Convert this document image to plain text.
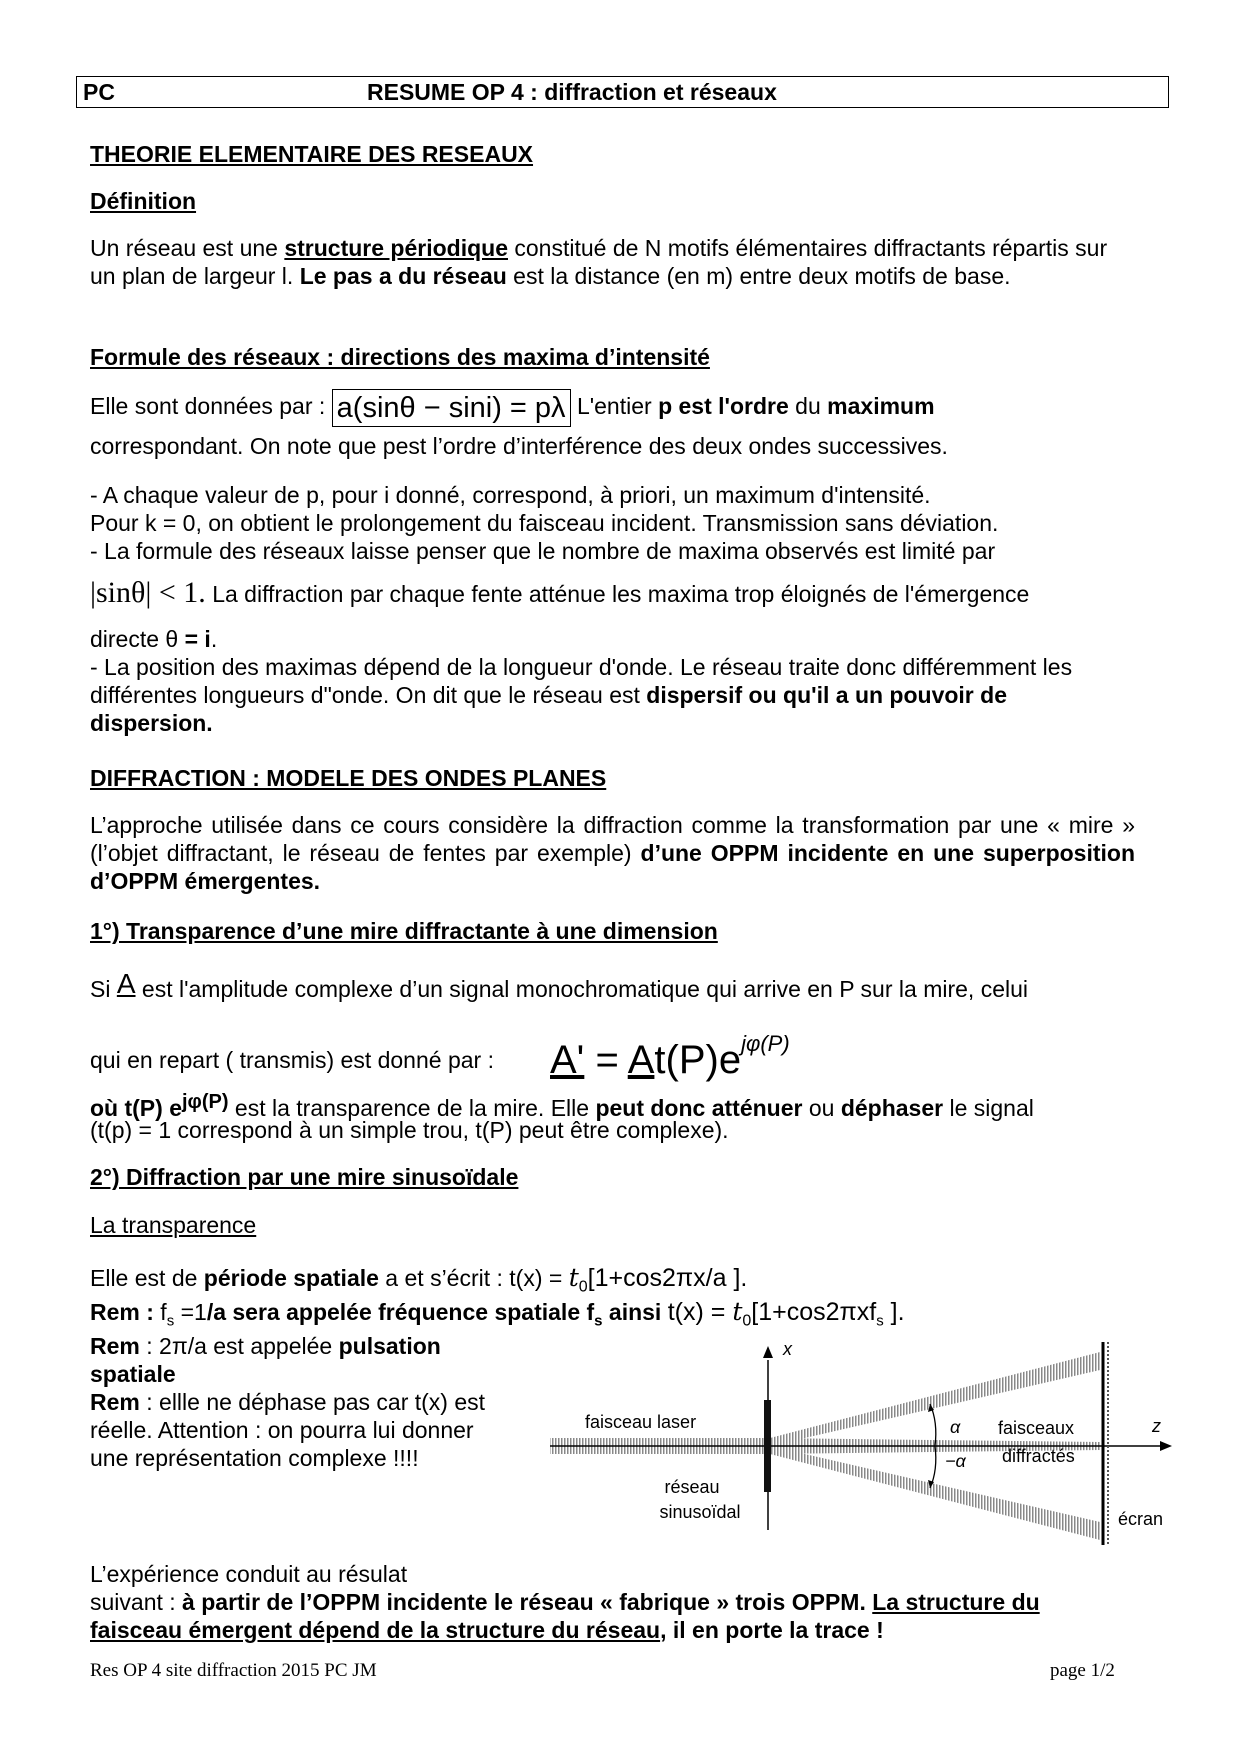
PC	RESUME OP 4 : diffraction et réseaux
THEORIE ELEMENTAIRE DES RESEAUX
Définition
Un réseau est une structure périodique constitué de N motifs élémentaires diffractants répartis sur un plan de largeur l. Le pas a du réseau est la distance (en m) entre deux motifs de base.
Formule des réseaux : directions des maxima d’intensité
Elle sont données par : a(sinθ − sini) = pλ L'entier p est l'ordre du maximum
correspondant. On note que pest l’ordre d’interférence des deux ondes successives.
- A chaque valeur de p, pour i donné, correspond, à priori, un maximum d'intensité.
Pour k = 0, on obtient le prolongement du faisceau incident. Transmission sans déviation.
- La formule des réseaux laisse penser que le nombre de maxima observés est limité par
|sinθ| < 1. La diffraction par chaque fente atténue les maxima trop éloignés de l'émergence
directe θ = i.
- La position des maximas dépend de la longueur d'onde. Le réseau traite donc différemment les différentes longueurs d"onde. On dit que le réseau est dispersif ou qu'il a un pouvoir de dispersion.
DIFFRACTION : MODELE DES ONDES PLANES
L’approche utilisée dans ce cours considère la diffraction comme la transformation par une « mire » (l’objet diffractant, le réseau de fentes par exemple) d’une OPPM incidente en une superposition d’OPPM émergentes.
1°) Transparence d’une mire diffractante à une dimension
Si A est l'amplitude complexe d’un signal monochromatique qui arrive en P sur la mire, celui
qui en repart ( transmis) est donné par : $A' = At(P)e^{j\varphi(P)}$
où t(P) ejφ(P) est la transparence de la mire. Elle peut donc atténuer ou déphaser le signal
(t(p) = 1 correspond à un simple trou, t(P) peut être complexe).
2°) Diffraction par une mire sinusoïdale
La transparence
Elle est de période spatiale a et s’écrit : $t(x) = t_0[1+\cos 2\pi x/a$ ].
Rem : $f_s =1/a$ sera appelée fréquence spatiale $f_s$ ainsi $t(x) = t_0[1+\cos 2\pi xf_s$ ].
Rem : 2π/a est appelée pulsation spatiale
Rem : ellle ne déphase pas car t(x) est réelle. Attention : on pourra lui donner une représentation complexe !!!!
x
z
faisceau laser	α
−α
faisceaux
diffractés
réseau
sinusoïdal	écran
L’expérience conduit au résulat
suivant : à partir de l’OPPM incidente le réseau « fabrique » trois OPPM. La structure du faisceau émergent dépend de la structure du réseau, il en porte la trace !
Res OP 4 site diffraction 2015 PC JM	page 1/2
